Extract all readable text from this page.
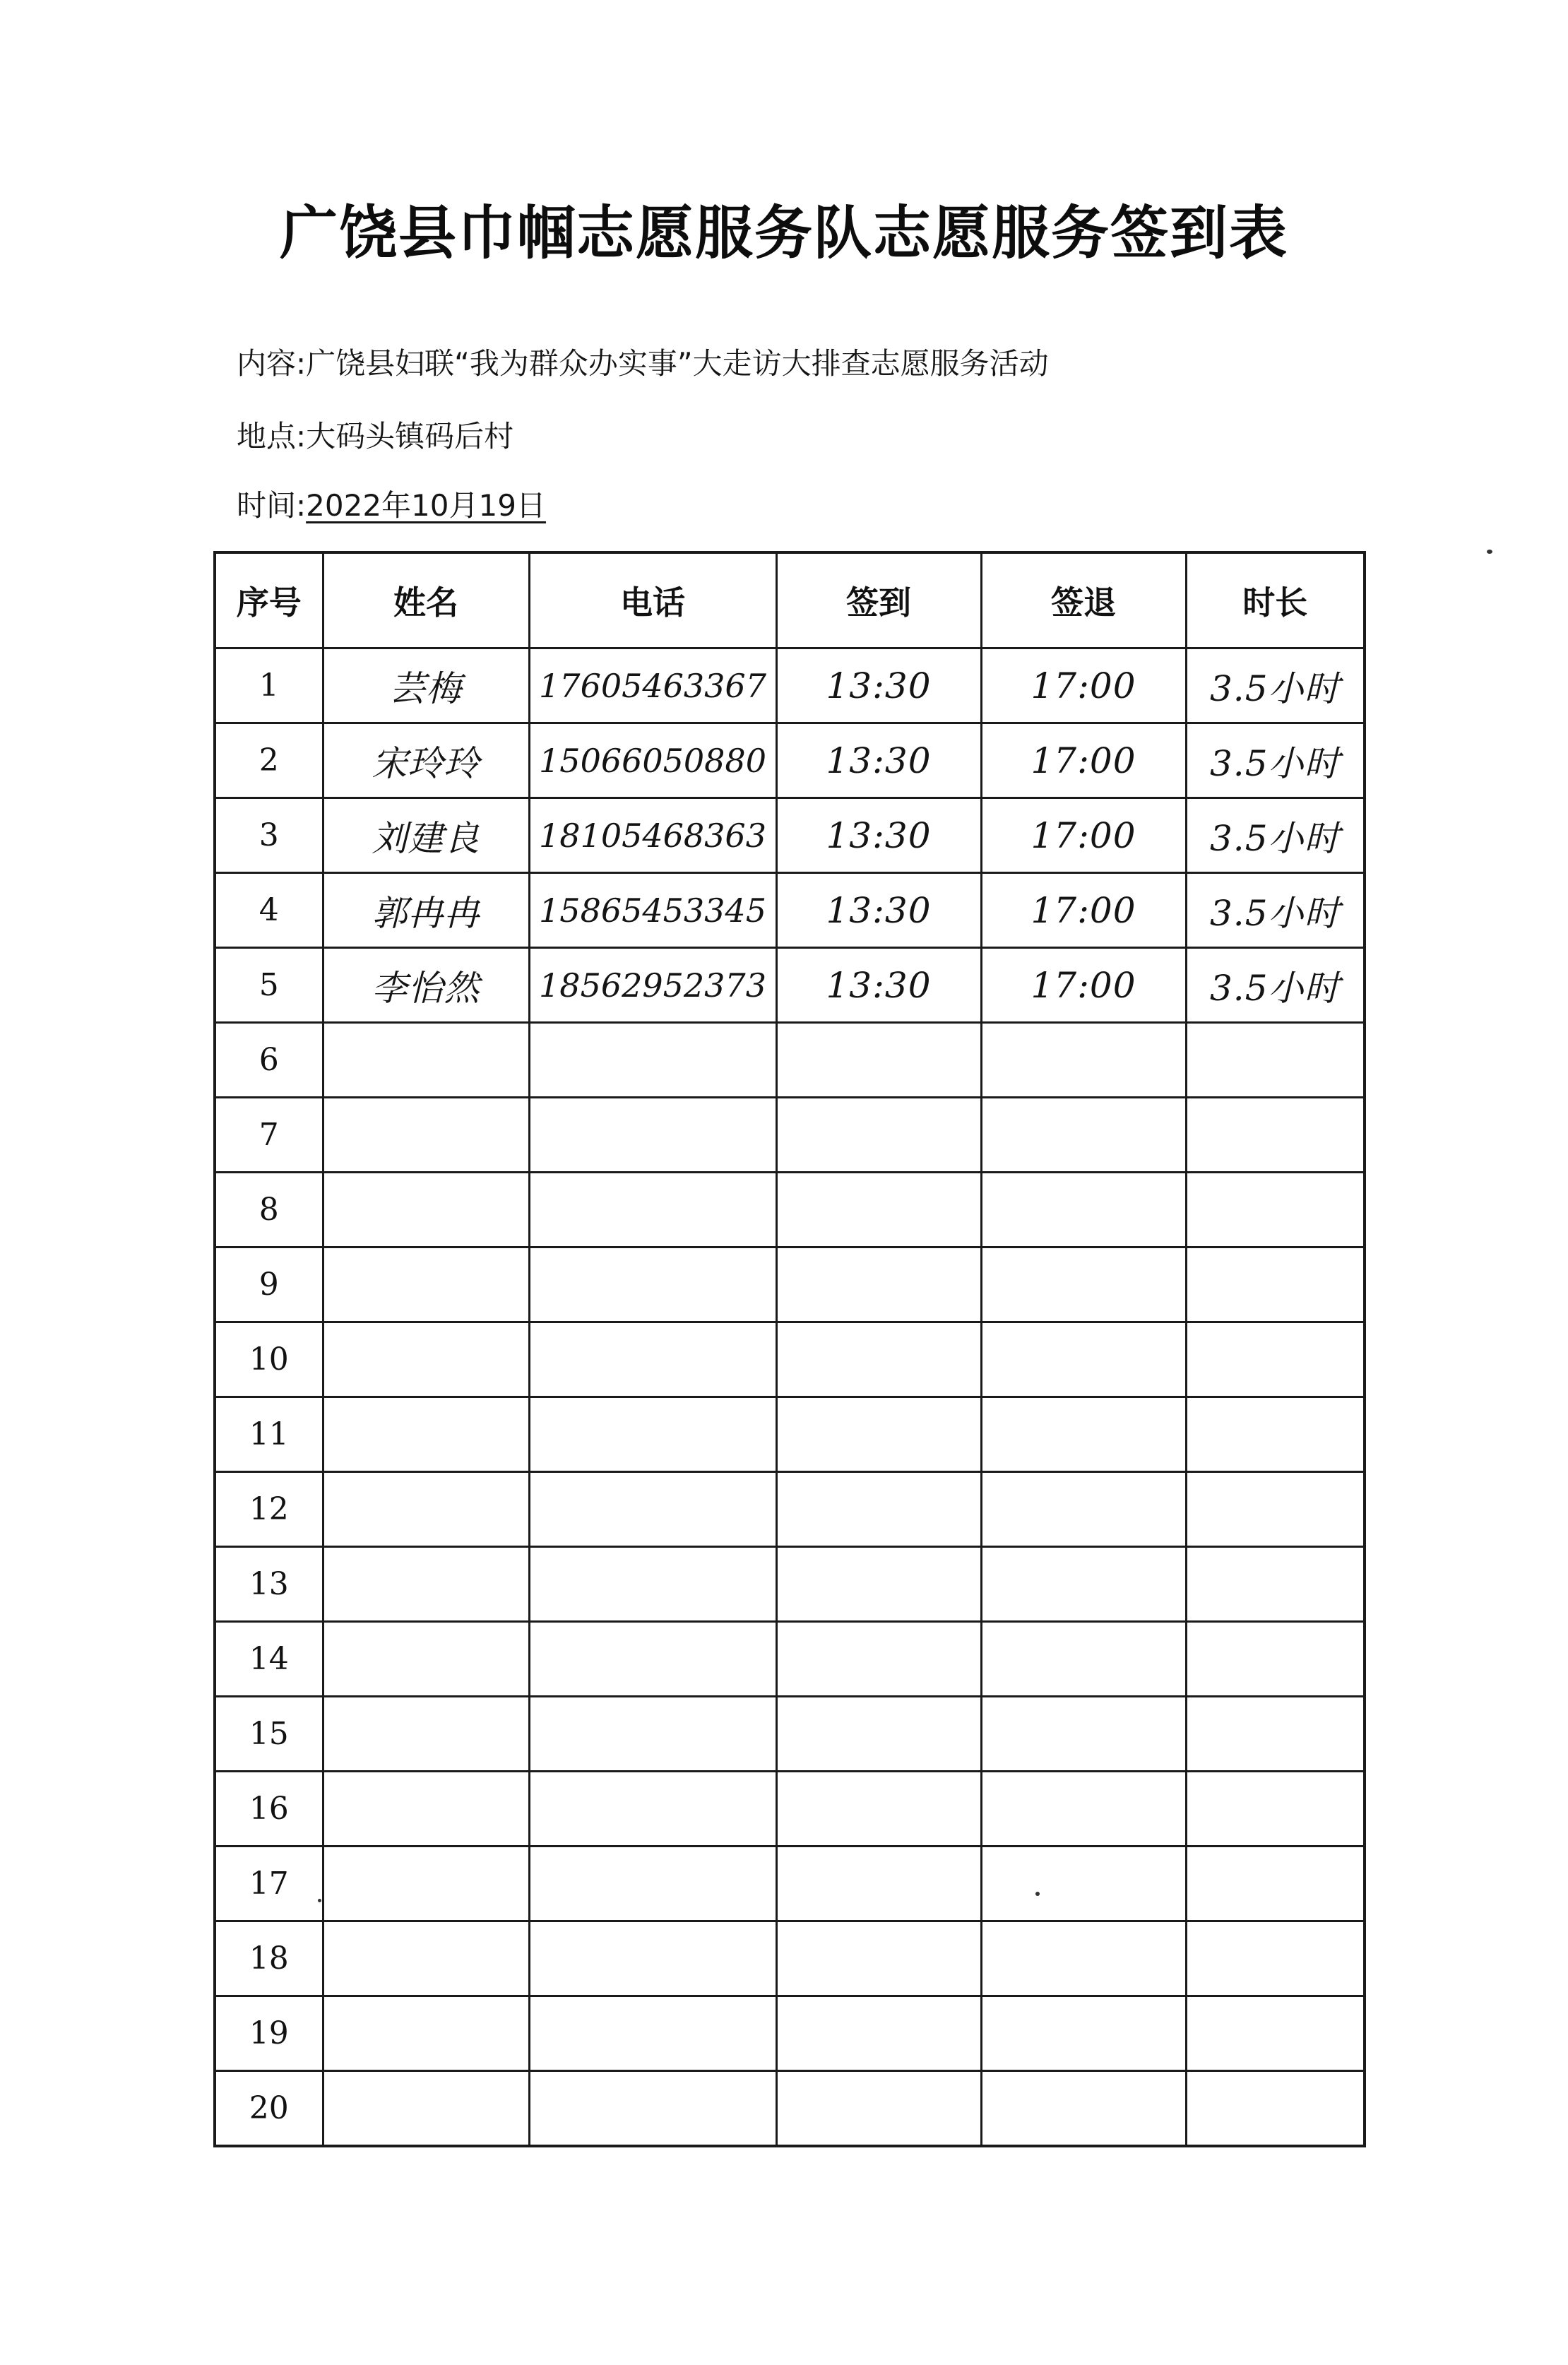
广饶县巾帼志愿服务队志愿服务签到表
内容:广饶县妇联“我为群众办实事”大走访大排查志愿服务活动
地点:大码头镇码后村
时间:2022年10月19日
序号	姓名	电话	签到	签退	时长
1	芸梅	17605463367	13:30	17:00	3.5小时
2	宋玲玲	15066050880	13:30	17:00	3.5小时
3	刘建良	18105468363	13:30	17:00	3.5小时
4	郭冉冉	15865453345	13:30	17:00	3.5小时
5	李怡然	18562952373	13:30	17:00	3.5小时
6					
7					
8					
9					
10					
11					
12					
13					
14					
15					
16					
17					
18					
19					
20					
